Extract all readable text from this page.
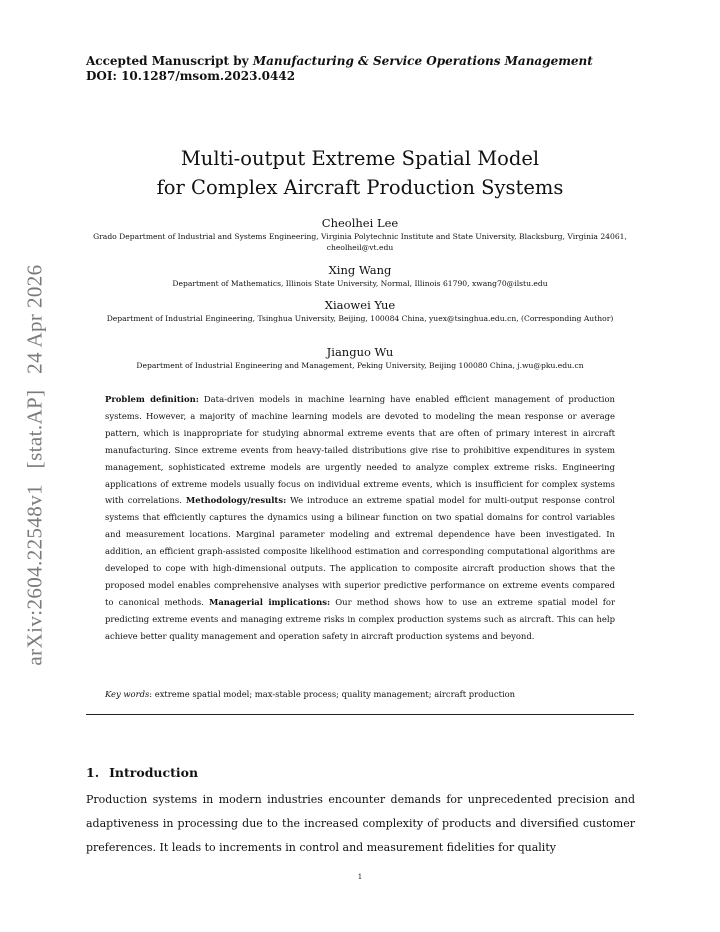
arXiv:2604.22548v1 [stat.AP] 24 Apr 2026
Accepted Manuscript by Manufacturing & Service Operations Management
DOI: 10.1287/msom.2023.0442
Multi-output Extreme Spatial Model
for Complex Aircraft Production Systems
Cheolhei Lee
Grado Department of Industrial and Systems Engineering, Virginia Polytechnic Institute and State University, Blacksburg, Virginia 24061, cheolheil@vt.edu
Xing Wang
Department of Mathematics, Illinois State University, Normal, Illinois 61790, xwang70@ilstu.edu
Xiaowei Yue
Department of Industrial Engineering, Tsinghua University, Beijing, 100084 China, yuex@tsinghua.edu.cn, (Corresponding Author)
Jianguo Wu
Department of Industrial Engineering and Management, Peking University, Beijing 100080 China, j.wu@pku.edu.cn
Problem definition: Data-driven models in machine learning have enabled efficient management of production systems. However, a majority of machine learning models are devoted to modeling the mean response or average pattern, which is inappropriate for studying abnormal extreme events that are often of primary interest in aircraft manufacturing. Since extreme events from heavy-tailed distributions give rise to prohibitive expenditures in system management, sophisticated extreme models are urgently needed to analyze complex extreme risks. Engineering applications of extreme models usually focus on individual extreme events, which is insufficient for complex systems with correlations. Methodology/results: We introduce an extreme spatial model for multi-output response control systems that efficiently captures the dynamics using a bilinear function on two spatial domains for control variables and measurement locations. Marginal parameter modeling and extremal dependence have been investigated. In addition, an efficient graph-assisted composite likelihood estimation and corresponding computational algorithms are developed to cope with high-dimensional outputs. The application to composite aircraft production shows that the proposed model enables comprehensive analyses with superior predictive performance on extreme events compared to canonical methods. Managerial implications: Our method shows how to use an extreme spatial model for predicting extreme events and managing extreme risks in complex production systems such as aircraft. This can help achieve better quality management and operation safety in aircraft production systems and beyond.
Key words: extreme spatial model; max-stable process; quality management; aircraft production
1. Introduction
Production systems in modern industries encounter demands for unprecedented precision and adaptiveness in processing due to the increased complexity of products and diversified customer preferences. It leads to increments in control and measurement fidelities for quality
1
